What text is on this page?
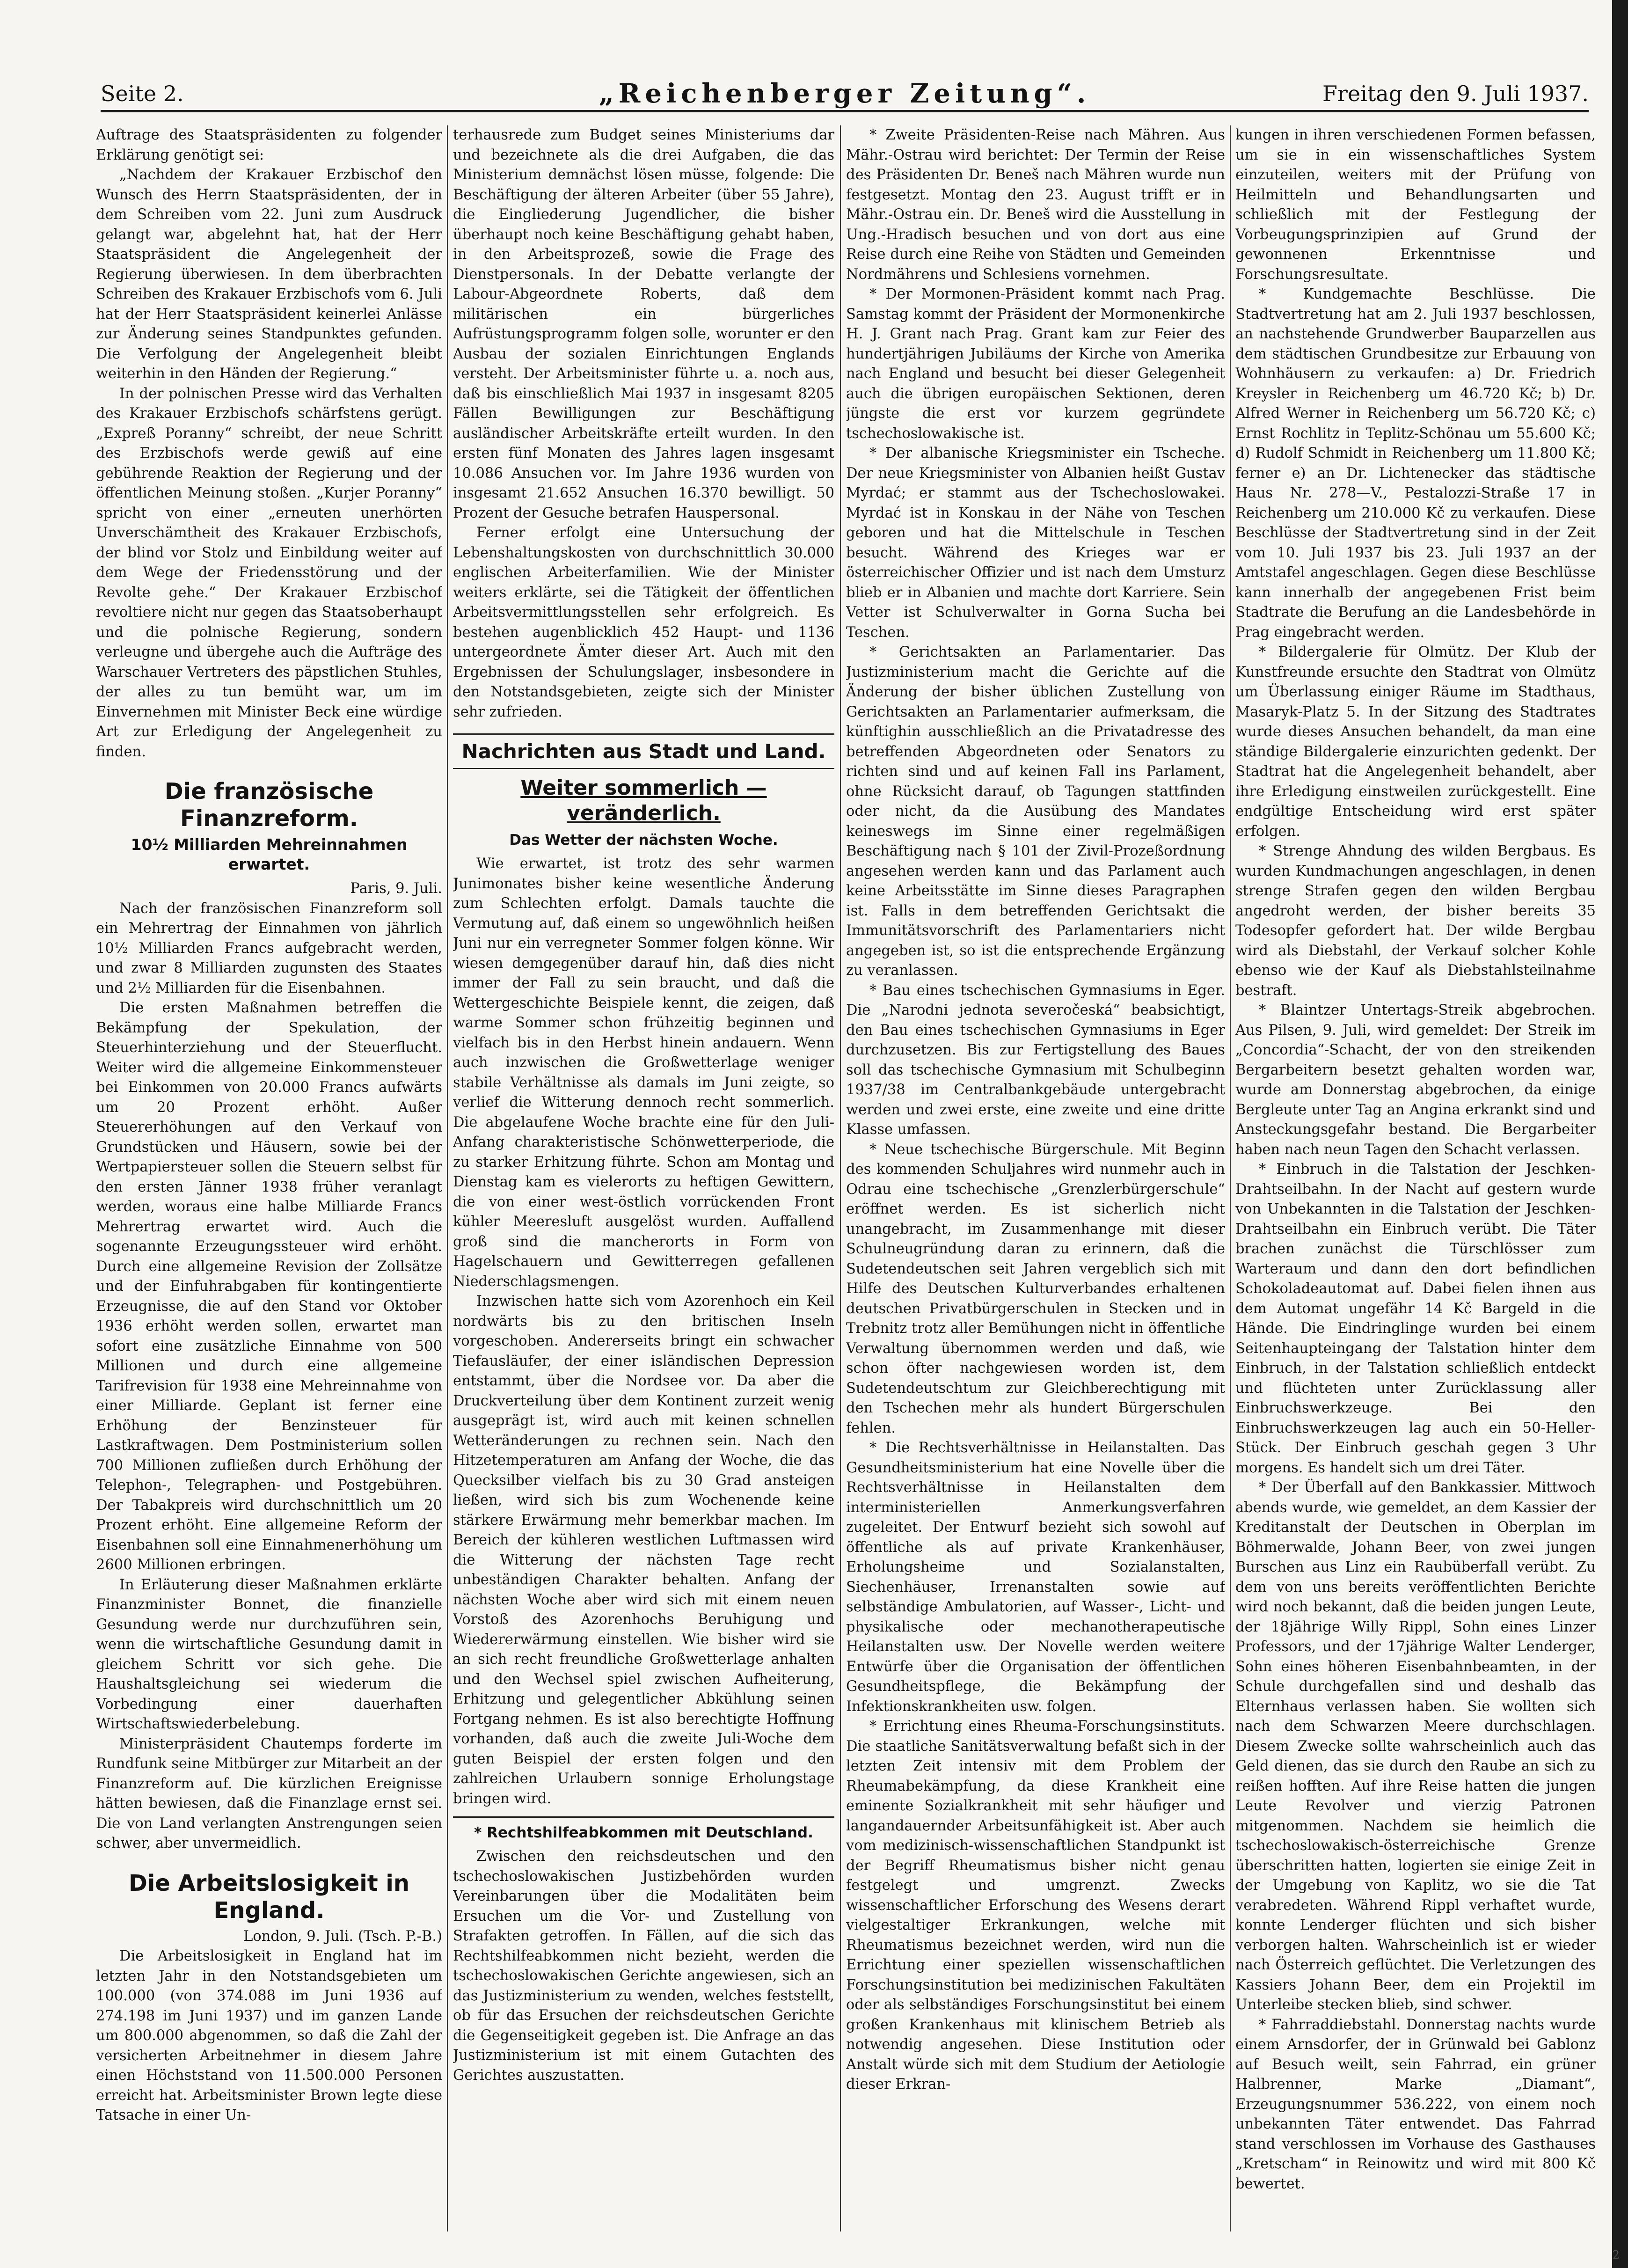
Seite 2.	„Reichenberger Zeitung“.	Freitag den 9. Juli 1937.

Auftrage des Staatspräsidenten zu folgender Erklärung genötigt sei:

„Nachdem der Krakauer Erzbischof den Wunsch des Herrn Staatspräsidenten, der in dem Schreiben vom 22. Juni zum Ausdruck gelangt war, abgelehnt hat, hat der Herr Staatspräsident die Angelegenheit der Regierung überwiesen. In dem überbrachten Schreiben des Krakauer Erzbischofs vom 6. Juli hat der Herr Staatspräsident keinerlei Anlässe zur Änderung seines Standpunktes gefunden. Die Verfolgung der Angelegenheit bleibt weiterhin in den Händen der Regierung.“

In der polnischen Presse wird das Verhalten des Krakauer Erzbischofs schärfstens gerügt. „Expreß Poranny“ schreibt, der neue Schritt des Erzbischofs werde gewiß auf eine gebührende Reaktion der Regierung und der öffentlichen Meinung stoßen. „Kurjer Poranny“ spricht von einer „erneuten unerhörten Unverschämtheit des Krakauer Erzbischofs, der blind vor Stolz und Einbildung weiter auf dem Wege der Friedensstörung und der Revolte gehe.“ Der Krakauer Erzbischof revoltiere nicht nur gegen das Staatsoberhaupt und die polnische Regierung, sondern verleugne und übergehe auch die Aufträge des Warschauer Vertreters des päpstlichen Stuhles, der alles zu tun bemüht war, um im Einvernehmen mit Minister Beck eine würdige Art zur Erledigung der Angelegenheit zu finden.

Die französische Finanzreform.
10½ Milliarden Mehreinnahmen erwartet.

Paris, 9. Juli.

Nach der französischen Finanzreform soll ein Mehrertrag der Einnahmen von jährlich 10½ Milliarden Francs aufgebracht werden, und zwar 8 Milliarden zugunsten des Staates und 2½ Milliarden für die Eisenbahnen.

Die ersten Maßnahmen betreffen die Bekämpfung der Spekulation, der Steuerhinterziehung und der Steuerflucht. Weiter wird die allgemeine Einkommensteuer bei Einkommen von 20.000 Francs aufwärts um 20 Prozent erhöht. Außer Steuererhöhungen auf den Verkauf von Grundstücken und Häusern, sowie bei der Wertpapiersteuer sollen die Steuern selbst für den ersten Jänner 1938 früher veranlagt werden, woraus eine halbe Milliarde Francs Mehrertrag erwartet wird. Auch die sogenannte Erzeugungssteuer wird erhöht. Durch eine allgemeine Revision der Zollsätze und der Einfuhrabgaben für kontingentierte Erzeugnisse, die auf den Stand vor Oktober 1936 erhöht werden sollen, erwartet man sofort eine zusätzliche Einnahme von 500 Millionen und durch eine allgemeine Tarifrevision für 1938 eine Mehreinnahme von einer Milliarde. Geplant ist ferner eine Erhöhung der Benzinsteuer für Lastkraftwagen. Dem Postministerium sollen 700 Millionen zufließen durch Erhöhung der Telephon-, Telegraphen- und Postgebühren. Der Tabakpreis wird durchschnittlich um 20 Prozent erhöht. Eine allgemeine Reform der Eisenbahnen soll eine Einnahmenerhöhung um 2600 Millionen erbringen.

In Erläuterung dieser Maßnahmen erklärte Finanzminister Bonnet, die finanzielle Gesundung werde nur durchzuführen sein, wenn die wirtschaftliche Gesundung damit in gleichem Schritt vor sich gehe. Die Haushaltsgleichung sei wiederum die Vorbedingung einer dauerhaften Wirtschaftswiederbelebung.

Ministerpräsident Chautemps forderte im Rundfunk seine Mitbürger zur Mitarbeit an der Finanzreform auf. Die kürzlichen Ereignisse hätten bewiesen, daß die Finanzlage ernst sei. Die von Land verlangten Anstrengungen seien schwer, aber unvermeidlich.

Die Arbeitslosigkeit in England.

London, 9. Juli. (Tsch. P.-B.)

Die Arbeitslosigkeit in England hat im letzten Jahr in den Notstandsgebieten um 100.000 (von 374.088 im Juni 1936 auf 274.198 im Juni 1937) und im ganzen Lande um 800.000 abgenommen, so daß die Zahl der versicherten Arbeitnehmer in diesem Jahre einen Höchststand von 11.500.000 Personen erreicht hat. Arbeitsminister Brown legte diese Tatsache in einer Un-

terhausrede zum Budget seines Ministeriums dar und bezeichnete als die drei Aufgaben, die das Ministerium demnächst lösen müsse, folgende: Die Beschäftigung der älteren Arbeiter (über 55 Jahre), die Eingliederung Jugendlicher, die bisher überhaupt noch keine Beschäftigung gehabt haben, in den Arbeitsprozeß, sowie die Frage des Dienstpersonals. In der Debatte verlangte der Labour-Abgeordnete Roberts, daß dem militärischen ein bürgerliches Aufrüstungsprogramm folgen solle, worunter er den Ausbau der sozialen Einrichtungen Englands versteht. Der Arbeitsminister führte u. a. noch aus, daß bis einschließlich Mai 1937 in insgesamt 8205 Fällen Bewilligungen zur Beschäftigung ausländischer Arbeitskräfte erteilt wurden. In den ersten fünf Monaten des Jahres lagen insgesamt 10.086 Ansuchen vor. Im Jahre 1936 wurden von insgesamt 21.652 Ansuchen 16.370 bewilligt. 50 Prozent der Gesuche betrafen Hauspersonal.

Ferner erfolgt eine Untersuchung der Lebenshaltungskosten von durchschnittlich 30.000 englischen Arbeiterfamilien. Wie der Minister weiters erklärte, sei die Tätigkeit der öffentlichen Arbeitsvermittlungsstellen sehr erfolgreich. Es bestehen augenblicklich 452 Haupt- und 1136 untergeordnete Ämter dieser Art. Auch mit den Ergebnissen der Schulungslager, insbesondere in den Notstandsgebieten, zeigte sich der Minister sehr zufrieden.

Nachrichten aus Stadt und Land.
Weiter sommerlich — veränderlich.
Das Wetter der nächsten Woche.

Wie erwartet, ist trotz des sehr warmen Junimonates bisher keine wesentliche Änderung zum Schlechten erfolgt. Damals tauchte die Vermutung auf, daß einem so ungewöhnlich heißen Juni nur ein verregneter Sommer folgen könne. Wir wiesen demgegenüber darauf hin, daß dies nicht immer der Fall zu sein braucht, und daß die Wettergeschichte Beispiele kennt, die zeigen, daß warme Sommer schon frühzeitig beginnen und vielfach bis in den Herbst hinein andauern. Wenn auch inzwischen die Großwetterlage weniger stabile Verhältnisse als damals im Juni zeigte, so verlief die Witterung dennoch recht sommerlich. Die abgelaufene Woche brachte eine für den Juli-Anfang charakteristische Schönwetterperiode, die zu starker Erhitzung führte. Schon am Montag und Dienstag kam es vielerorts zu heftigen Gewittern, die von einer west-östlich vorrückenden Front kühler Meeresluft ausgelöst wurden. Auffallend groß sind die mancherorts in Form von Hagelschauern und Gewitterregen gefallenen Niederschlagsmengen.

Inzwischen hatte sich vom Azorenhoch ein Keil nordwärts bis zu den britischen Inseln vorgeschoben. Andererseits bringt ein schwacher Tiefausläufer, der einer isländischen Depression entstammt, über die Nordsee vor. Da aber die Druckverteilung über dem Kontinent zurzeit wenig ausgeprägt ist, wird auch mit keinen schnellen Wetteränderungen zu rechnen sein. Nach den Hitzetemperaturen am Anfang der Woche, die das Quecksilber vielfach bis zu 30 Grad ansteigen ließen, wird sich bis zum Wochenende keine stärkere Erwärmung mehr bemerkbar machen. Im Bereich der kühleren westlichen Luftmassen wird die Witterung der nächsten Tage recht unbeständigen Charakter behalten. Anfang der nächsten Woche aber wird sich mit einem neuen Vorstoß des Azorenhochs Beruhigung und Wiedererwärmung einstellen. Wie bisher wird sie an sich recht freundliche Großwetterlage anhalten und den Wechsel spiel zwischen Aufheiterung, Erhitzung und gelegentlicher Abkühlung seinen Fortgang nehmen. Es ist also berechtigte Hoffnung vorhanden, daß auch die zweite Juli-Woche dem guten Beispiel der ersten folgen und den zahlreichen Urlaubern sonnige Erholungstage bringen wird.

* Rechtshilfeabkommen mit Deutschland.

Zwischen den reichsdeutschen und den tschechoslowakischen Justizbehörden wurden Vereinbarungen über die Modalitäten beim Ersuchen um die Vor- und Zustellung von Strafakten getroffen. In Fällen, auf die sich das Rechtshilfeabkommen nicht bezieht, werden die tschechoslowakischen Gerichte angewiesen, sich an das Justizministerium zu wenden, welches feststellt, ob für das Ersuchen der reichsdeutschen Gerichte die Gegenseitigkeit gegeben ist. Die Anfrage an das Justizministerium ist mit einem Gutachten des Gerichtes auszustatten.

* Zweite Präsidenten-Reise nach Mähren. Aus Mähr.-Ostrau wird berichtet: Der Termin der Reise des Präsidenten Dr. Beneš nach Mähren wurde nun festgesetzt. Montag den 23. August trifft er in Mähr.-Ostrau ein. Dr. Beneš wird die Ausstellung in Ung.-Hradisch besuchen und von dort aus eine Reise durch eine Reihe von Städten und Gemeinden Nordmährens und Schlesiens vornehmen.

* Der Mormonen-Präsident kommt nach Prag. Samstag kommt der Präsident der Mormonenkirche H. J. Grant nach Prag. Grant kam zur Feier des hundertjährigen Jubiläums der Kirche von Amerika nach England und besucht bei dieser Gelegenheit auch die übrigen europäischen Sektionen, deren jüngste die erst vor kurzem gegründete tschechoslowakische ist.

* Der albanische Kriegsminister ein Tscheche. Der neue Kriegsminister von Albanien heißt Gustav Myrdać; er stammt aus der Tschechoslowakei. Myrdać ist in Konskau in der Nähe von Teschen geboren und hat die Mittelschule in Teschen besucht. Während des Krieges war er österreichischer Offizier und ist nach dem Umsturz blieb er in Albanien und machte dort Karriere. Sein Vetter ist Schulverwalter in Gorna Sucha bei Teschen.

* Gerichtsakten an Parlamentarier. Das Justizministerium macht die Gerichte auf die Änderung der bisher üblichen Zustellung von Gerichtsakten an Parlamentarier aufmerksam, die künftighin ausschließlich an die Privatadresse des betreffenden Abgeordneten oder Senators zu richten sind und auf keinen Fall ins Parlament, ohne Rücksicht darauf, ob Tagungen stattfinden oder nicht, da die Ausübung des Mandates keineswegs im Sinne einer regelmäßigen Beschäftigung nach § 101 der Zivil-Prozeßordnung angesehen werden kann und das Parlament auch keine Arbeitsstätte im Sinne dieses Paragraphen ist. Falls in dem betreffenden Gerichtsakt die Immunitätsvorschrift des Parlamentariers nicht angegeben ist, so ist die entsprechende Ergänzung zu veranlassen.

* Bau eines tschechischen Gymnasiums in Eger. Die „Narodni jednota severočeská“ beabsichtigt, den Bau eines tschechischen Gymnasiums in Eger durchzusetzen. Bis zur Fertigstellung des Baues soll das tschechische Gymnasium mit Schulbeginn 1937/38 im Centralbankgebäude untergebracht werden und zwei erste, eine zweite und eine dritte Klasse umfassen.

* Neue tschechische Bürgerschule. Mit Beginn des kommenden Schuljahres wird nunmehr auch in Odrau eine tschechische „Grenzlerbürgerschule“ eröffnet werden. Es ist sicherlich nicht unangebracht, im Zusammenhange mit dieser Schulneugründung daran zu erinnern, daß die Sudetendeutschen seit Jahren vergeblich sich mit Hilfe des Deutschen Kulturverbandes erhaltenen deutschen Privatbürgerschulen in Stecken und in Trebnitz trotz aller Bemühungen nicht in öffentliche Verwaltung übernommen werden und daß, wie schon öfter nachgewiesen worden ist, dem Sudetendeutschtum zur Gleichberechtigung mit den Tschechen mehr als hundert Bürgerschulen fehlen.

* Die Rechtsverhältnisse in Heilanstalten. Das Gesundheitsministerium hat eine Novelle über die Rechtsverhältnisse in Heilanstalten dem interministeriellen Anmerkungsverfahren zugeleitet. Der Entwurf bezieht sich sowohl auf öffentliche als auf private Krankenhäuser, Erholungsheime und Sozialanstalten, Siechenhäuser, Irrenanstalten sowie auf selbständige Ambulatorien, auf Wasser-, Licht- und physikalische oder mechanotherapeutische Heilanstalten usw. Der Novelle werden weitere Entwürfe über die Organisation der öffentlichen Gesundheitspflege, die Bekämpfung der Infektionskrankheiten usw. folgen.

* Errichtung eines Rheuma-Forschungsinstituts. Die staatliche Sanitätsverwaltung befaßt sich in der letzten Zeit intensiv mit dem Problem der Rheumabekämpfung, da diese Krankheit eine eminente Sozialkrankheit mit sehr häufiger und langandauernder Arbeitsunfähigkeit ist. Aber auch vom medizinisch-wissenschaftlichen Standpunkt ist der Begriff Rheumatismus bisher nicht genau festgelegt und umgrenzt. Zwecks wissenschaftlicher Erforschung des Wesens derart vielgestaltiger Erkrankungen, welche mit Rheumatismus bezeichnet werden, wird nun die Errichtung einer speziellen wissenschaftlichen Forschungsinstitution bei medizinischen Fakultäten oder als selbständiges Forschungsinstitut bei einem großen Krankenhaus mit klinischem Betrieb als notwendig angesehen. Diese Institution oder Anstalt würde sich mit dem Studium der Aetiologie dieser Erkran-

kungen in ihren verschiedenen Formen befassen, um sie in ein wissenschaftliches System einzuteilen, weiters mit der Prüfung von Heilmitteln und Behandlungsarten und schließlich mit der Festlegung der Vorbeugungsprinzipien auf Grund der gewonnenen Erkenntnisse und Forschungsresultate.

* Kundgemachte Beschlüsse. Die Stadtvertretung hat am 2. Juli 1937 beschlossen, an nachstehende Grundwerber Bauparzellen aus dem städtischen Grundbesitze zur Erbauung von Wohnhäusern zu verkaufen: a) Dr. Friedrich Kreysler in Reichenberg um 46.720 Kč; b) Dr. Alfred Werner in Reichenberg um 56.720 Kč; c) Ernst Rochlitz in Teplitz-Schönau um 55.600 Kč; d) Rudolf Schmidt in Reichenberg um 11.800 Kč; ferner e) an Dr. Lichtenecker das städtische Haus Nr. 278—V., Pestalozzi-Straße 17 in Reichenberg um 210.000 Kč zu verkaufen. Diese Beschlüsse der Stadtvertretung sind in der Zeit vom 10. Juli 1937 bis 23. Juli 1937 an der Amtstafel angeschlagen. Gegen diese Beschlüsse kann innerhalb der angegebenen Frist beim Stadtrate die Berufung an die Landesbehörde in Prag eingebracht werden.

* Bildergalerie für Olmütz. Der Klub der Kunstfreunde ersuchte den Stadtrat von Olmütz um Überlassung einiger Räume im Stadthaus, Masaryk-Platz 5. In der Sitzung des Stadtrates wurde dieses Ansuchen behandelt, da man eine ständige Bildergalerie einzurichten gedenkt. Der Stadtrat hat die Angelegenheit behandelt, aber ihre Erledigung einstweilen zurückgestellt. Eine endgültige Entscheidung wird erst später erfolgen.

* Strenge Ahndung des wilden Bergbaus. Es wurden Kundmachungen angeschlagen, in denen strenge Strafen gegen den wilden Bergbau angedroht werden, der bisher bereits 35 Todesopfer gefordert hat. Der wilde Bergbau wird als Diebstahl, der Verkauf solcher Kohle ebenso wie der Kauf als Diebstahlsteilnahme bestraft.

* Blaintzer Untertags-Streik abgebrochen. Aus Pilsen, 9. Juli, wird gemeldet: Der Streik im „Concordia“-Schacht, der von den streikenden Bergarbeitern besetzt gehalten worden war, wurde am Donnerstag abgebrochen, da einige Bergleute unter Tag an Angina erkrankt sind und Ansteckungsgefahr bestand. Die Bergarbeiter haben nach neun Tagen den Schacht verlassen.

* Einbruch in die Talstation der Jeschken-Drahtseilbahn. In der Nacht auf gestern wurde von Unbekannten in die Talstation der Jeschken-Drahtseilbahn ein Einbruch verübt. Die Täter brachen zunächst die Türschlösser zum Warteraum und dann den dort befindlichen Schokoladeautomat auf. Dabei fielen ihnen aus dem Automat ungefähr 14 Kč Bargeld in die Hände. Die Eindringlinge wurden bei einem Seitenhaupteingang der Talstation hinter dem Einbruch, in der Talstation schließlich entdeckt und flüchteten unter Zurücklassung aller Einbruchswerkzeuge. Bei den Einbruchswerkzeugen lag auch ein 50-Heller-Stück. Der Einbruch geschah gegen 3 Uhr morgens. Es handelt sich um drei Täter.

* Der Überfall auf den Bankkassier. Mittwoch abends wurde, wie gemeldet, an dem Kassier der Kreditanstalt der Deutschen in Oberplan im Böhmerwalde, Johann Beer, von zwei jungen Burschen aus Linz ein Raubüberfall verübt. Zu dem von uns bereits veröffentlichten Berichte wird noch bekannt, daß die beiden jungen Leute, der 18jährige Willy Rippl, Sohn eines Linzer Professors, und der 17jährige Walter Lenderger, Sohn eines höheren Eisenbahnbeamten, in der Schule durchgefallen sind und deshalb das Elternhaus verlassen haben. Sie wollten sich nach dem Schwarzen Meere durchschlagen. Diesem Zwecke sollte wahrscheinlich auch das Geld dienen, das sie durch den Raube an sich zu reißen hofften. Auf ihre Reise hatten die jungen Leute Revolver und vierzig Patronen mitgenommen. Nachdem sie heimlich die tschechoslowakisch-österreichische Grenze überschritten hatten, logierten sie einige Zeit in der Umgebung von Kaplitz, wo sie die Tat verabredeten. Während Rippl verhaftet wurde, konnte Lenderger flüchten und sich bisher verborgen halten. Wahrscheinlich ist er wieder nach Österreich geflüchtet. Die Verletzungen des Kassiers Johann Beer, dem ein Projektil im Unterleibe stecken blieb, sind schwer.

* Fahrraddiebstahl. Donnerstag nachts wurde einem Arnsdorfer, der in Grünwald bei Gablonz auf Besuch weilt, sein Fahrrad, ein grüner Halbrenner, Marke „Diamant“, Erzeugungsnummer 536.222, von einem noch unbekannten Täter entwendet. Das Fahrrad stand verschlossen im Vorhause des Gasthauses „Kretscham“ in Reinowitz und wird mit 800 Kč bewertet.

2
